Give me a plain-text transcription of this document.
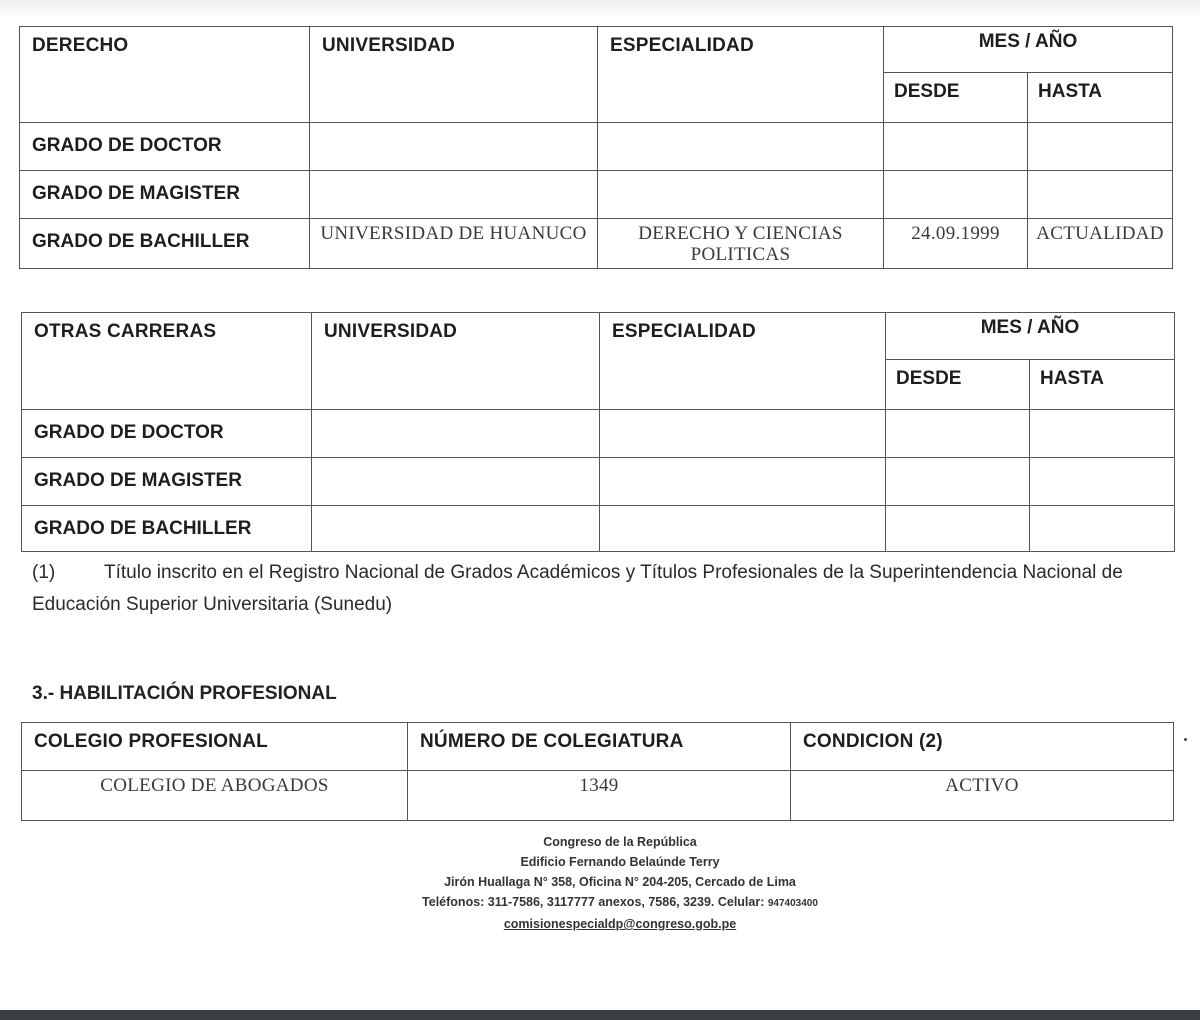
DERECHO	UNIVERSIDAD	ESPECIALIDAD	MES / AÑO	
			DESDE	HASTA
GRADO DE DOCTOR				
GRADO DE MAGISTER				
GRADO DE BACHILLER	UNIVERSIDAD DE HUANUCO	DERECHO Y CIENCIAS POLITICAS	24.09.1999	ACTUALIDAD
OTRAS CARRERAS	UNIVERSIDAD	ESPECIALIDAD	MES / AÑO	
			DESDE	HASTA
GRADO DE DOCTOR				
GRADO DE MAGISTER				
GRADO DE BACHILLER				
(1)	Título inscrito en el Registro Nacional de Grados Académicos y Títulos Profesionales de la Superintendencia Nacional de Educación Superior Universitaria (Sunedu)
3.- HABILITACIÓN PROFESIONAL
COLEGIO PROFESIONAL	NÚMERO DE COLEGIATURA	CONDICION (2)
COLEGIO DE ABOGADOS	1349	ACTIVO
Congreso de la República
Edificio Fernando Belaúnde Terry
Jirón Huallaga N° 358, Oficina N° 204-205, Cercado de Lima
Teléfonos: 311-7586, 3117777 anexos, 7586, 3239. Celular: 947403400
comisionespecialdp@congreso.gob.pe
